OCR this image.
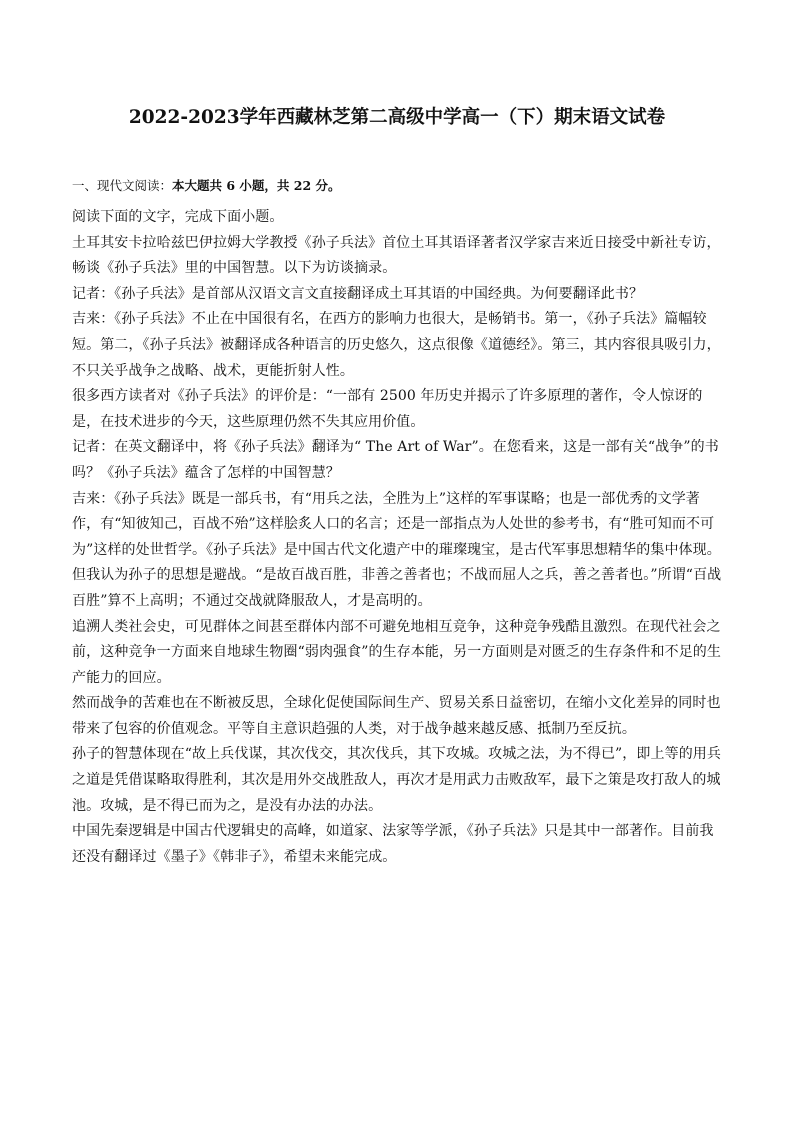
2022-2023学年西藏林芝第二高级中学高一（下）期末语文试卷
一、现代文阅读：本大题共 6 小题，共 22 分。

阅读下面的文字，完成下面小题。

土耳其安卡拉哈兹巴伊拉姆大学教授《孙子兵法》首位土耳其语译著者汉学家吉来近日接受中新社专访，畅谈《孙子兵法》里的中国智慧。以下为访谈摘录。

记者：《孙子兵法》是首部从汉语文言文直接翻译成土耳其语的中国经典。为何要翻译此书？

吉来：《孙子兵法》不止在中国很有名，在西方的影响力也很大，是畅销书。第一，《孙子兵法》篇幅较短。第二，《孙子兵法》被翻译成各种语言的历史悠久，这点很像《道德经》。第三，其内容很具吸引力，不只关乎战争之战略、战术，更能折射人性。

很多西方读者对《孙子兵法》的评价是：“一部有 2500 年历史并揭示了许多原理的著作，令人惊讶的是，在技术进步的今天，这些原理仍然不失其应用价值。

记者：在英文翻译中，将《孙子兵法》翻译为“ The Art of War”。在您看来，这是一部有关“战争”的书吗？《孙子兵法》蕴含了怎样的中国智慧？

吉来：《孙子兵法》既是一部兵书，有“用兵之法，全胜为上”这样的军事谋略；也是一部优秀的文学著作，有“知彼知己，百战不殆”这样脍炙人口的名言；还是一部指点为人处世的参考书，有“胜可知而不可为”这样的处世哲学。《孙子兵法》是中国古代文化遗产中的璀璨瑰宝，是古代军事思想精华的集中体现。但我认为孙子的思想是避战。“是故百战百胜，非善之善者也；不战而屈人之兵，善之善者也。”所谓“百战百胜”算不上高明；不通过交战就降服敌人，才是高明的。

追溯人类社会史，可见群体之间甚至群体内部不可避免地相互竞争，这种竞争残酷且激烈。在现代社会之前，这种竞争一方面来自地球生物圈“弱肉强食”的生存本能，另一方面则是对匮乏的生存条件和不足的生产能力的回应。

然而战争的苦难也在不断被反思，全球化促使国际间生产、贸易关系日益密切，在缩小文化差异的同时也带来了包容的价值观念。平等自主意识趋强的人类，对于战争越来越反感、抵制乃至反抗。

孙子的智慧体现在“故上兵伐谋，其次伐交，其次伐兵，其下攻城。攻城之法，为不得已”，即上等的用兵之道是凭借谋略取得胜利，其次是用外交战胜敌人，再次才是用武力击败敌军，最下之策是攻打敌人的城池。攻城，是不得已而为之，是没有办法的办法。

中国先秦逻辑是中国古代逻辑史的高峰，如道家、法家等学派，《孙子兵法》只是其中一部著作。目前我还没有翻译过《墨子》《韩非子》，希望未来能完成。
